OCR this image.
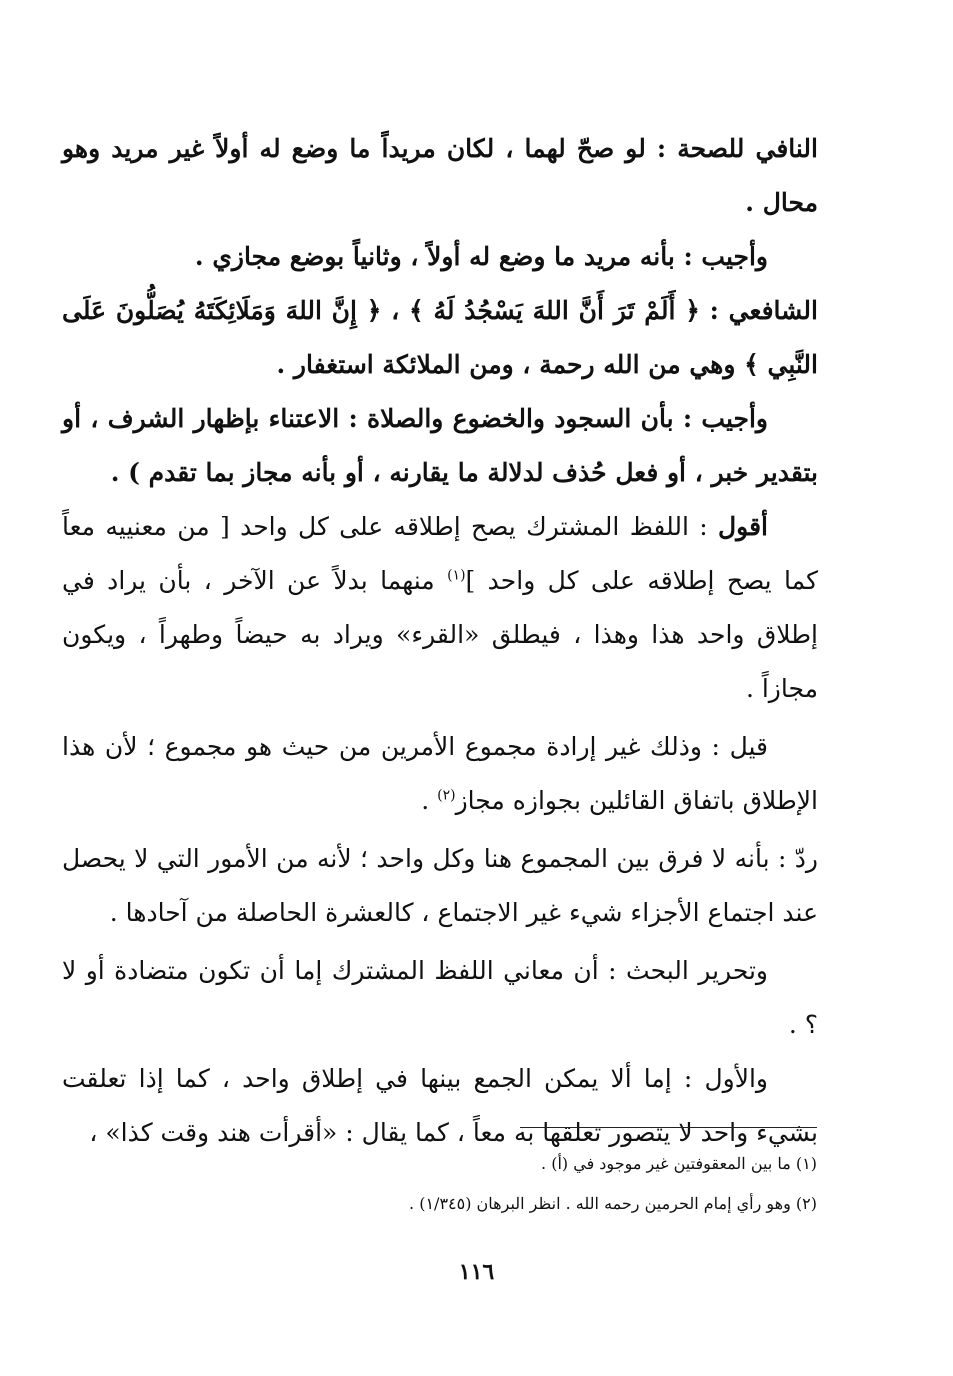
النافي للصحة : لو صحّ لهما ، لكان مريداً ما وضع له أولاً غير مريد وهو محال .

وأجيب : بأنه مريد ما وضع له أولاً ، وثانياً بوضع مجازي .

الشافعي : ﴿ أَلَمْ تَرَ أَنَّ اللهَ يَسْجُدُ لَهُ ﴾ ، ﴿ إِنَّ اللهَ وَمَلَائِكَتَهُ يُصَلُّونَ عَلَى النَّبِي ﴾ وهي من الله رحمة ، ومن الملائكة استغفار .

وأجيب : بأن السجود والخضوع والصلاة : الاعتناء بإظهار الشرف ، أو بتقدير خبر ، أو فعل حُذف لدلالة ما يقارنه ، أو بأنه مجاز بما تقدم ) .

أقول : اللفظ المشترك يصح إطلاقه على كل واحد [ من معنييه معاً كما يصح إطلاقه على كل واحد ]$^{(١)}$ منهما بدلاً عن الآخر ، بأن يراد في إطلاق واحد هذا وهذا ، فيطلق «القرء» ويراد به حيضاً وطهراً ، ويكون مجازاً .

قيل : وذلك غير إرادة مجموع الأمرين من حيث هو مجموع ؛ لأن هذا الإطلاق باتفاق القائلين بجوازه مجاز$^{(٢)}$ .

ردّ : بأنه لا فرق بين المجموع هنا وكل واحد ؛ لأنه من الأمور التي لا يحصل عند اجتماع الأجزاء شيء غير الاجتماع ، كالعشرة الحاصلة من آحادها .

وتحرير البحث : أن معاني اللفظ المشترك إما أن تكون متضادة أو لا ؟ .

والأول : إما ألا يمكن الجمع بينها في إطلاق واحد ، كما إذا تعلقت بشيء واحد لا يتصور تعلقها به معاً ، كما يقال : «أقرأت هند وقت كذا» ،

(١) ما بين المعقوفتين غير موجود في (أ) .

(٢) وهو رأي إمام الحرمين رحمه الله . انظر البرهان (١/٣٤٥) .

١١٦
